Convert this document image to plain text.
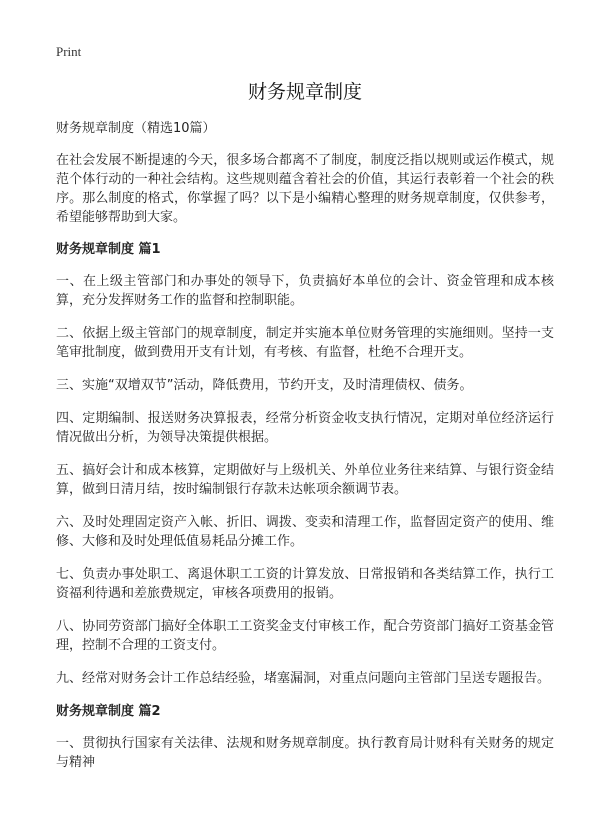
Print
财务规章制度
财务规章制度（精选10篇）

在社会发展不断提速的今天，很多场合都离不了制度，制度泛指以规则或运作模式，规范个体行动的一种社会结构。这些规则蕴含着社会的价值，其运行表彰着一个社会的秩序。那么制度的格式，你掌握了吗？以下是小编精心整理的财务规章制度，仅供参考，希望能够帮助到大家。

财务规章制度 篇1

一、在上级主管部门和办事处的领导下，负责搞好本单位的会计、资金管理和成本核算，充分发挥财务工作的监督和控制职能。

二、依据上级主管部门的规章制度，制定并实施本单位财务管理的实施细则。坚持一支笔审批制度，做到费用开支有计划，有考核、有监督，杜绝不合理开支。

三、实施“双增双节”活动，降低费用，节约开支，及时清理债权、债务。

四、定期编制、报送财务决算报表，经常分析资金收支执行情况，定期对单位经济运行情况做出分析，为领导决策提供根据。

五、搞好会计和成本核算，定期做好与上级机关、外单位业务往来结算、与银行资金结算，做到日清月结，按时编制银行存款未达帐项余额调节表。

六、及时处理固定资产入帐、折旧、调拨、变卖和清理工作，监督固定资产的使用、维修、大修和及时处理低值易耗品分摊工作。

七、负责办事处职工、离退休职工工资的计算发放、日常报销和各类结算工作，执行工资福利待遇和差旅费规定，审核各项费用的报销。

八、协同劳资部门搞好全体职工工资奖金支付审核工作，配合劳资部门搞好工资基金管理，控制不合理的工资支付。

九、经常对财务会计工作总结经验，堵塞漏洞，对重点问题向主管部门呈送专题报告。

财务规章制度 篇2

一、贯彻执行国家有关法律、法规和财务规章制度。执行教育局计财科有关财务的规定与精神
